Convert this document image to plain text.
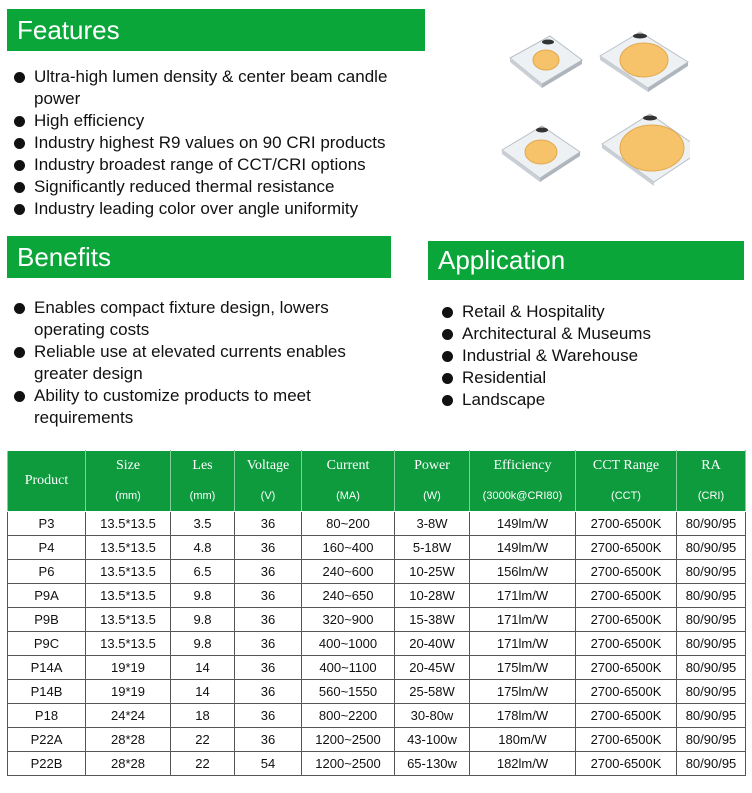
Features
Ultra-high lumen density & center beam candle power
High efficiency
Industry highest R9 values on 90 CRI products
Industry broadest range of CCT/CRI options
Significantly reduced thermal resistance
Industry leading color over angle uniformity
Benefits
Enables compact fixture design, lowers operating costs
Reliable use at elevated currents enables greater design
Ability to customize products to meet requirements
Application
Retail & Hospitality
Architectural & Museums
Industrial & Warehouse
Residential
Landscape
Product	Size	Les	Voltage	Current	Power	Efficiency	CCT Range	RA
	(mm)	(mm)	(V)	(MA)	(W)	(3000k@CRI80)	(CCT)	(CRI)
P3	13.5*13.5	3.5	36	80~200	3-8W	149lm/W	2700-6500K	80/90/95
P4	13.5*13.5	4.8	36	160~400	5-18W	149lm/W	2700-6500K	80/90/95
P6	13.5*13.5	6.5	36	240~600	10-25W	156lm/W	2700-6500K	80/90/95
P9A	13.5*13.5	9.8	36	240~650	10-28W	171lm/W	2700-6500K	80/90/95
P9B	13.5*13.5	9.8	36	320~900	15-38W	171lm/W	2700-6500K	80/90/95
P9C	13.5*13.5	9.8	36	400~1000	20-40W	171lm/W	2700-6500K	80/90/95
P14A	19*19	14	36	400~1100	20-45W	175lm/W	2700-6500K	80/90/95
P14B	19*19	14	36	560~1550	25-58W	175lm/W	2700-6500K	80/90/95
P18	24*24	18	36	800~2200	30-80w	178lm/W	2700-6500K	80/90/95
P22A	28*28	22	36	1200~2500	43-100w	180m/W	2700-6500K	80/90/95
P22B	28*28	22	54	1200~2500	65-130w	182lm/W	2700-6500K	80/90/95
